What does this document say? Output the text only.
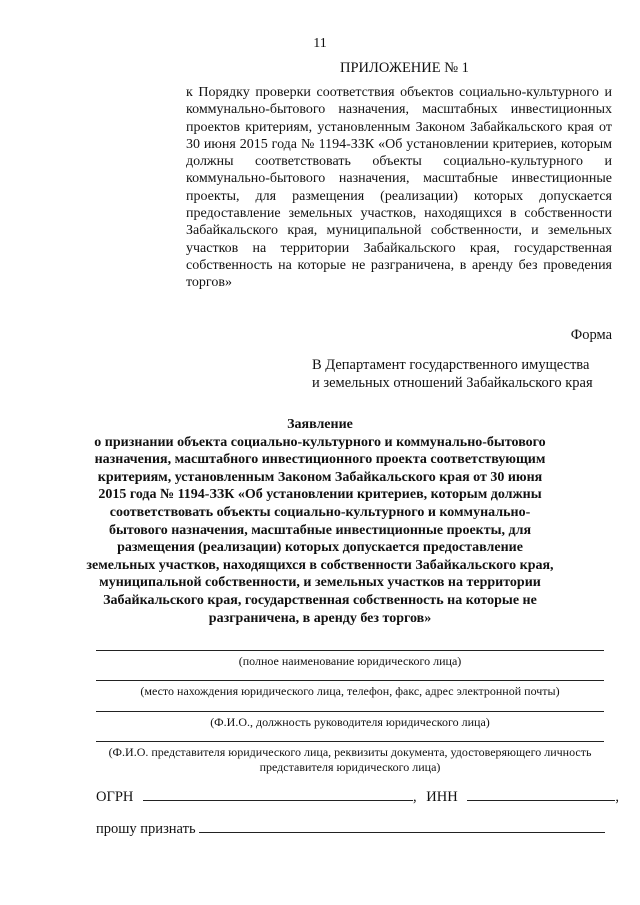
11
ПРИЛОЖЕНИЕ № 1
к Порядку проверки соответствия объектов социально-культурного и коммунально-бытового назначения, масштабных инвестиционных проектов критериям, установленным Законом Забайкальского края от 30 июня 2015 года № 1194-ЗЗК «Об установлении критериев, которым должны соответствовать объекты социально-культурного и коммунально-бытового назначения, масштабные инвестиционные проекты, для размещения (реализации) которых допускается предоставление земельных участков, находящихся в собственности Забайкальского края, муниципальной собственности, и земельных участков на территории Забайкальского края, государственная собственность на которые не разграничена, в аренду без проведения торгов»
Форма
В Департамент государственного имущества
и земельных отношений Забайкальского края
Заявление
о признании объекта социально-культурного и коммунально-бытового назначения, масштабного инвестиционного проекта соответствующим критериям, установленным Законом Забайкальского края от 30 июня 2015 года № 1194-ЗЗК «Об установлении критериев, которым должны соответствовать объекты социально-культурного и коммунально-бытового назначения, масштабные инвестиционные проекты, для размещения (реализации) которых допускается предоставление земельных участков, находящихся в собственности Забайкальского края, муниципальной собственности, и земельных участков на территории Забайкальского края, государственная собственность на которые не разграничена, в аренду без торгов»
(полное наименование юридического лица)
(место нахождения юридического лица, телефон, факс, адрес электронной почты)
(Ф.И.О., должность руководителя юридического лица)
(Ф.И.О. представителя юридического лица, реквизиты документа, удостоверяющего личность представителя юридического лица)
ОГРН	, ИНН	,
прошу признать
